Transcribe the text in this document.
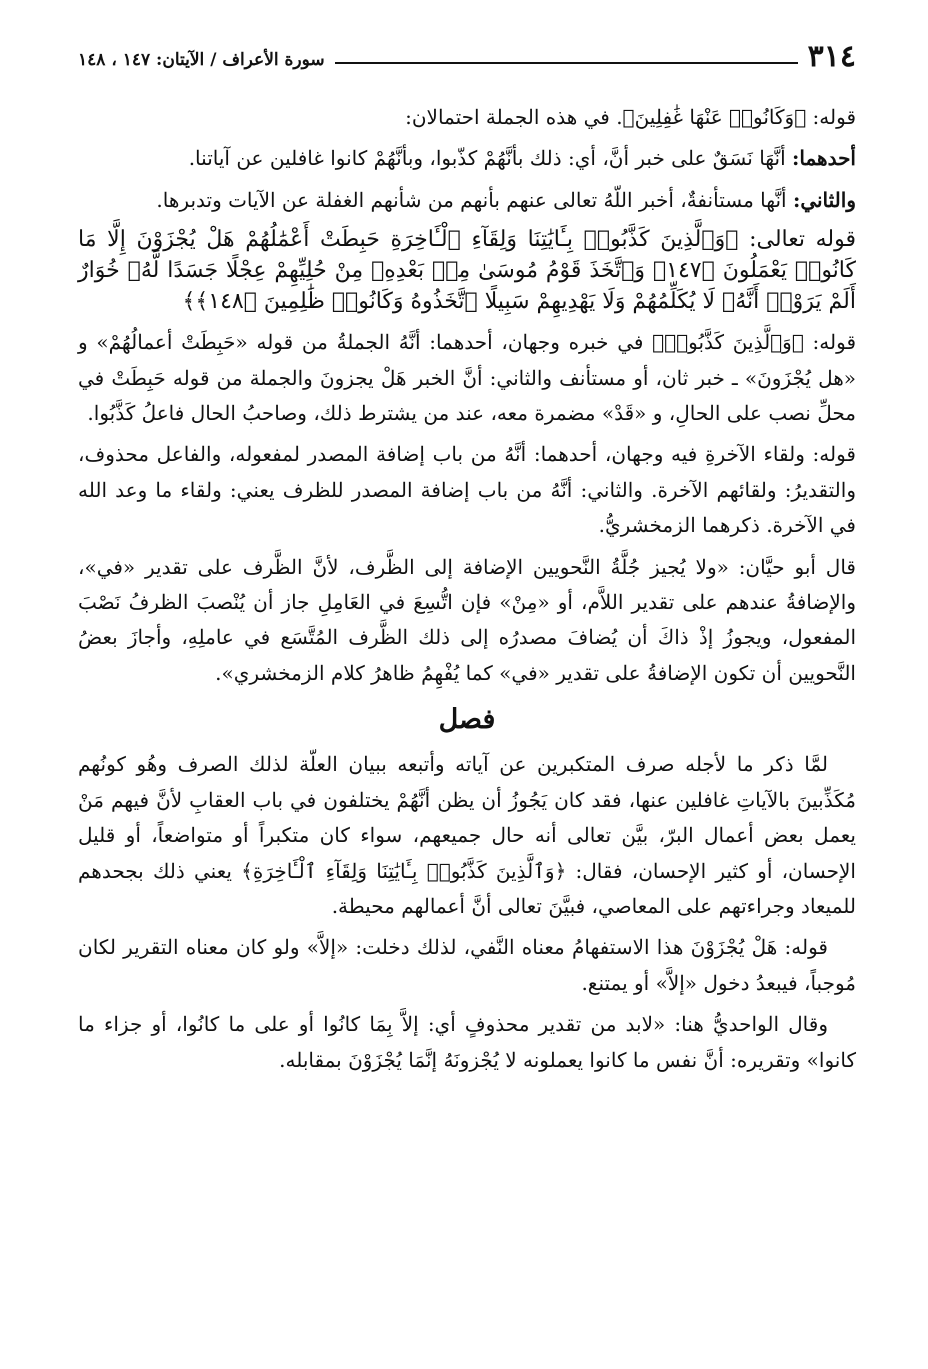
٣١٤
سورة الأعراف / الآيتان: ١٤٧ ، ١٤٨

قوله: ﴿وَكَانُوا۟ عَنْهَا غَٰفِلِينَ﴾. في هذه الجملة احتمالان:

أحدهما: أنَّهَا نَسَقٌ على خبر أنَّ، أي: ذلك بأنَّهُمْ كذّبوا، وبأنَّهُمْ كانوا غافلين عن آياتنا.

والثاني: أنَّها مستأنفةٌ، أخبر اللّهُ تعالى عنهم بأنهم من شأنهم الغفلة عن الآيات وتدبرها.

قوله تعالى: ﴿وَٱلَّذِينَ كَذَّبُوا۟ بِـَٔايَٰتِنَا وَلِقَآءِ ٱلْـَٔاخِرَةِ حَبِطَتْ أَعْمَٰلُهُمْ هَلْ يُجْزَوْنَ إِلَّا مَا كَانُوا۟ يَعْمَلُونَ ﴿١٤٧﴾ وَٱتَّخَذَ قَوْمُ مُوسَىٰ مِنۢ بَعْدِهِۦ مِنْ حُلِيِّهِمْ عِجْلًا جَسَدًا لَّهُۥ خُوَارٌ أَلَمْ يَرَوْا۟ أَنَّهُۥ لَا يُكَلِّمُهُمْ وَلَا يَهْدِيهِمْ سَبِيلًا ٱتَّخَذُوهُ وَكَانُوا۟ ظَٰلِمِينَ ﴿١٤٨﴾﴾

قوله: ﴿وَٱلَّذِينَ كَذَّبُوا۟﴾ في خبره وجهان، أحدهما: أنَّهُ الجملةُ من قوله «حَبِطَتْ أعمالُهُمْ» و «هل يُجْزَونَ» ـ خبر ثان، أو مستأنف والثاني: أنَّ الخبر هَلْ يجزونَ والجملة من قوله حَبِطَتْ في محلِّ نصب على الحالِ، و «قَدْ» مضمرة معه، عند من يشترط ذلك، وصاحبُ الحال فاعلُ كَذَّبُوا.

قوله: ولقاء الآخرةِ فيه وجهان، أحدهما: أنَّهُ من باب إضافة المصدر لمفعوله، والفاعل محذوف، والتقديرُ: ولقائهم الآخرة. والثاني: أنَّهُ من باب إضافة المصدر للظرف يعني: ولقاء ما وعد الله في الآخرة. ذكرهما الزمخشريُّ.

قال أبو حيَّان: «ولا يُجيز جُلَّةُ النَّحويين الإضافة إلى الظَّرف، لأنَّ الظَّرف على تقدير «في»، والإضافةُ عندهم على تقدير اللاَّم، أو «مِنْ» فإن اتُّسِعَ في العَامِلِ جاز أن يُنْصبَ الظرفُ نَصْبَ المفعول، ويجوزُ إذْ ذاكَ أن يُضافَ مصدرُه إلى ذلك الظَّرف المُتَّسَع في عاملِهِ، وأجازَ بعضُ النَّحويين أن تكون الإضافةُ على تقدير «في» كما يُفْهِمُ ظاهرُ كلام الزمخشري».

فصل

لمَّا ذكر ما لأجله صرف المتكبرين عن آياته وأتبعه ببيان العلّة لذلك الصرف وهُو كونُهم مُكَذِّبينَ بالآياتِ غافلين عنها، فقد كان يَجُوزُ أن يظن أنَّهُمْ يختلفون في باب العقابِ لأنَّ فيهم مَنْ يعمل بعض أعمال البرّ، بيَّن تعالى أنه حال جميعهم، سواء كان متكبراً أو متواضعاً، أو قليل الإحسان، أو كثير الإحسان، فقال: ﴿وَٱلَّذِينَ كَذَّبُوا۟ بِـَٔايَٰتِنَا وَلِقَآءِ ٱلْـَٔاخِرَةِ﴾ يعني ذلك بجحدهم للميعاد وجراءتهم على المعاصي، فبيَّنَ تعالى أنَّ أعمالهم محيطة.

قوله: هَلْ يُجْزَوْنَ هذا الاستفهامُ معناه النَّفي، لذلك دخلت: «إلاَّ» ولو كان معناه التقرير لكان مُوجباً، فيبعدُ دخول «إلاَّ» أو يمتنع.

وقال الواحديُّ هنا: «لابد من تقدير محذوفٍ أي: إلاَّ بِمَا كانُوا أو على ما كانُوا، أو جزاء ما كانوا» وتقريره: أنَّ نفس ما كانوا يعملونه لا يُجْزونَهُ إنَّمَا يُجْزَوْنَ بمقابله.
